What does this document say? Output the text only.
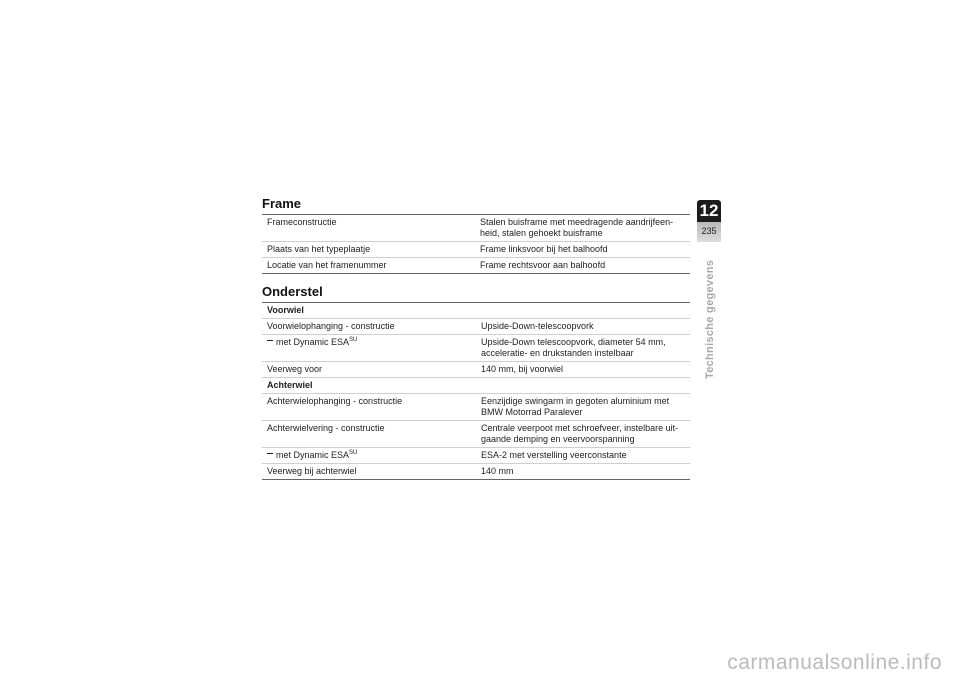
Frame
Frameconstructie	Stalen buisframe met meedragende aandrijfeen-
heid, stalen gehoekt buisframe
Plaats van het typeplaatje	Frame linksvoor bij het balhoofd
Locatie van het framenummer	Frame rechtsvoor aan balhoofd
Onderstel
Voorwiel	
Voorwielophanging - constructie	Upside-Down-telescoopvork
met Dynamic $ESA^{SU}$	Upside-Down telescoopvork, diameter 54 mm,
acceleratie- en drukstanden instelbaar
Veerweg voor	140 mm, bij voorwiel
Achterwiel	
Achterwielophanging - constructie	Eenzijdige swingarm in gegoten aluminium met
BMW Motorrad Paralever
Achterwielvering - constructie	Centrale veerpoot met schroefveer, instelbare uit-
gaande demping en veervoorspanning
met Dynamic $ESA^{SU}$	ESA-2 met verstelling veerconstante
Veerweg bij achterwiel	140 mm
12
235
Technische gegevens
carmanualsonline.info
